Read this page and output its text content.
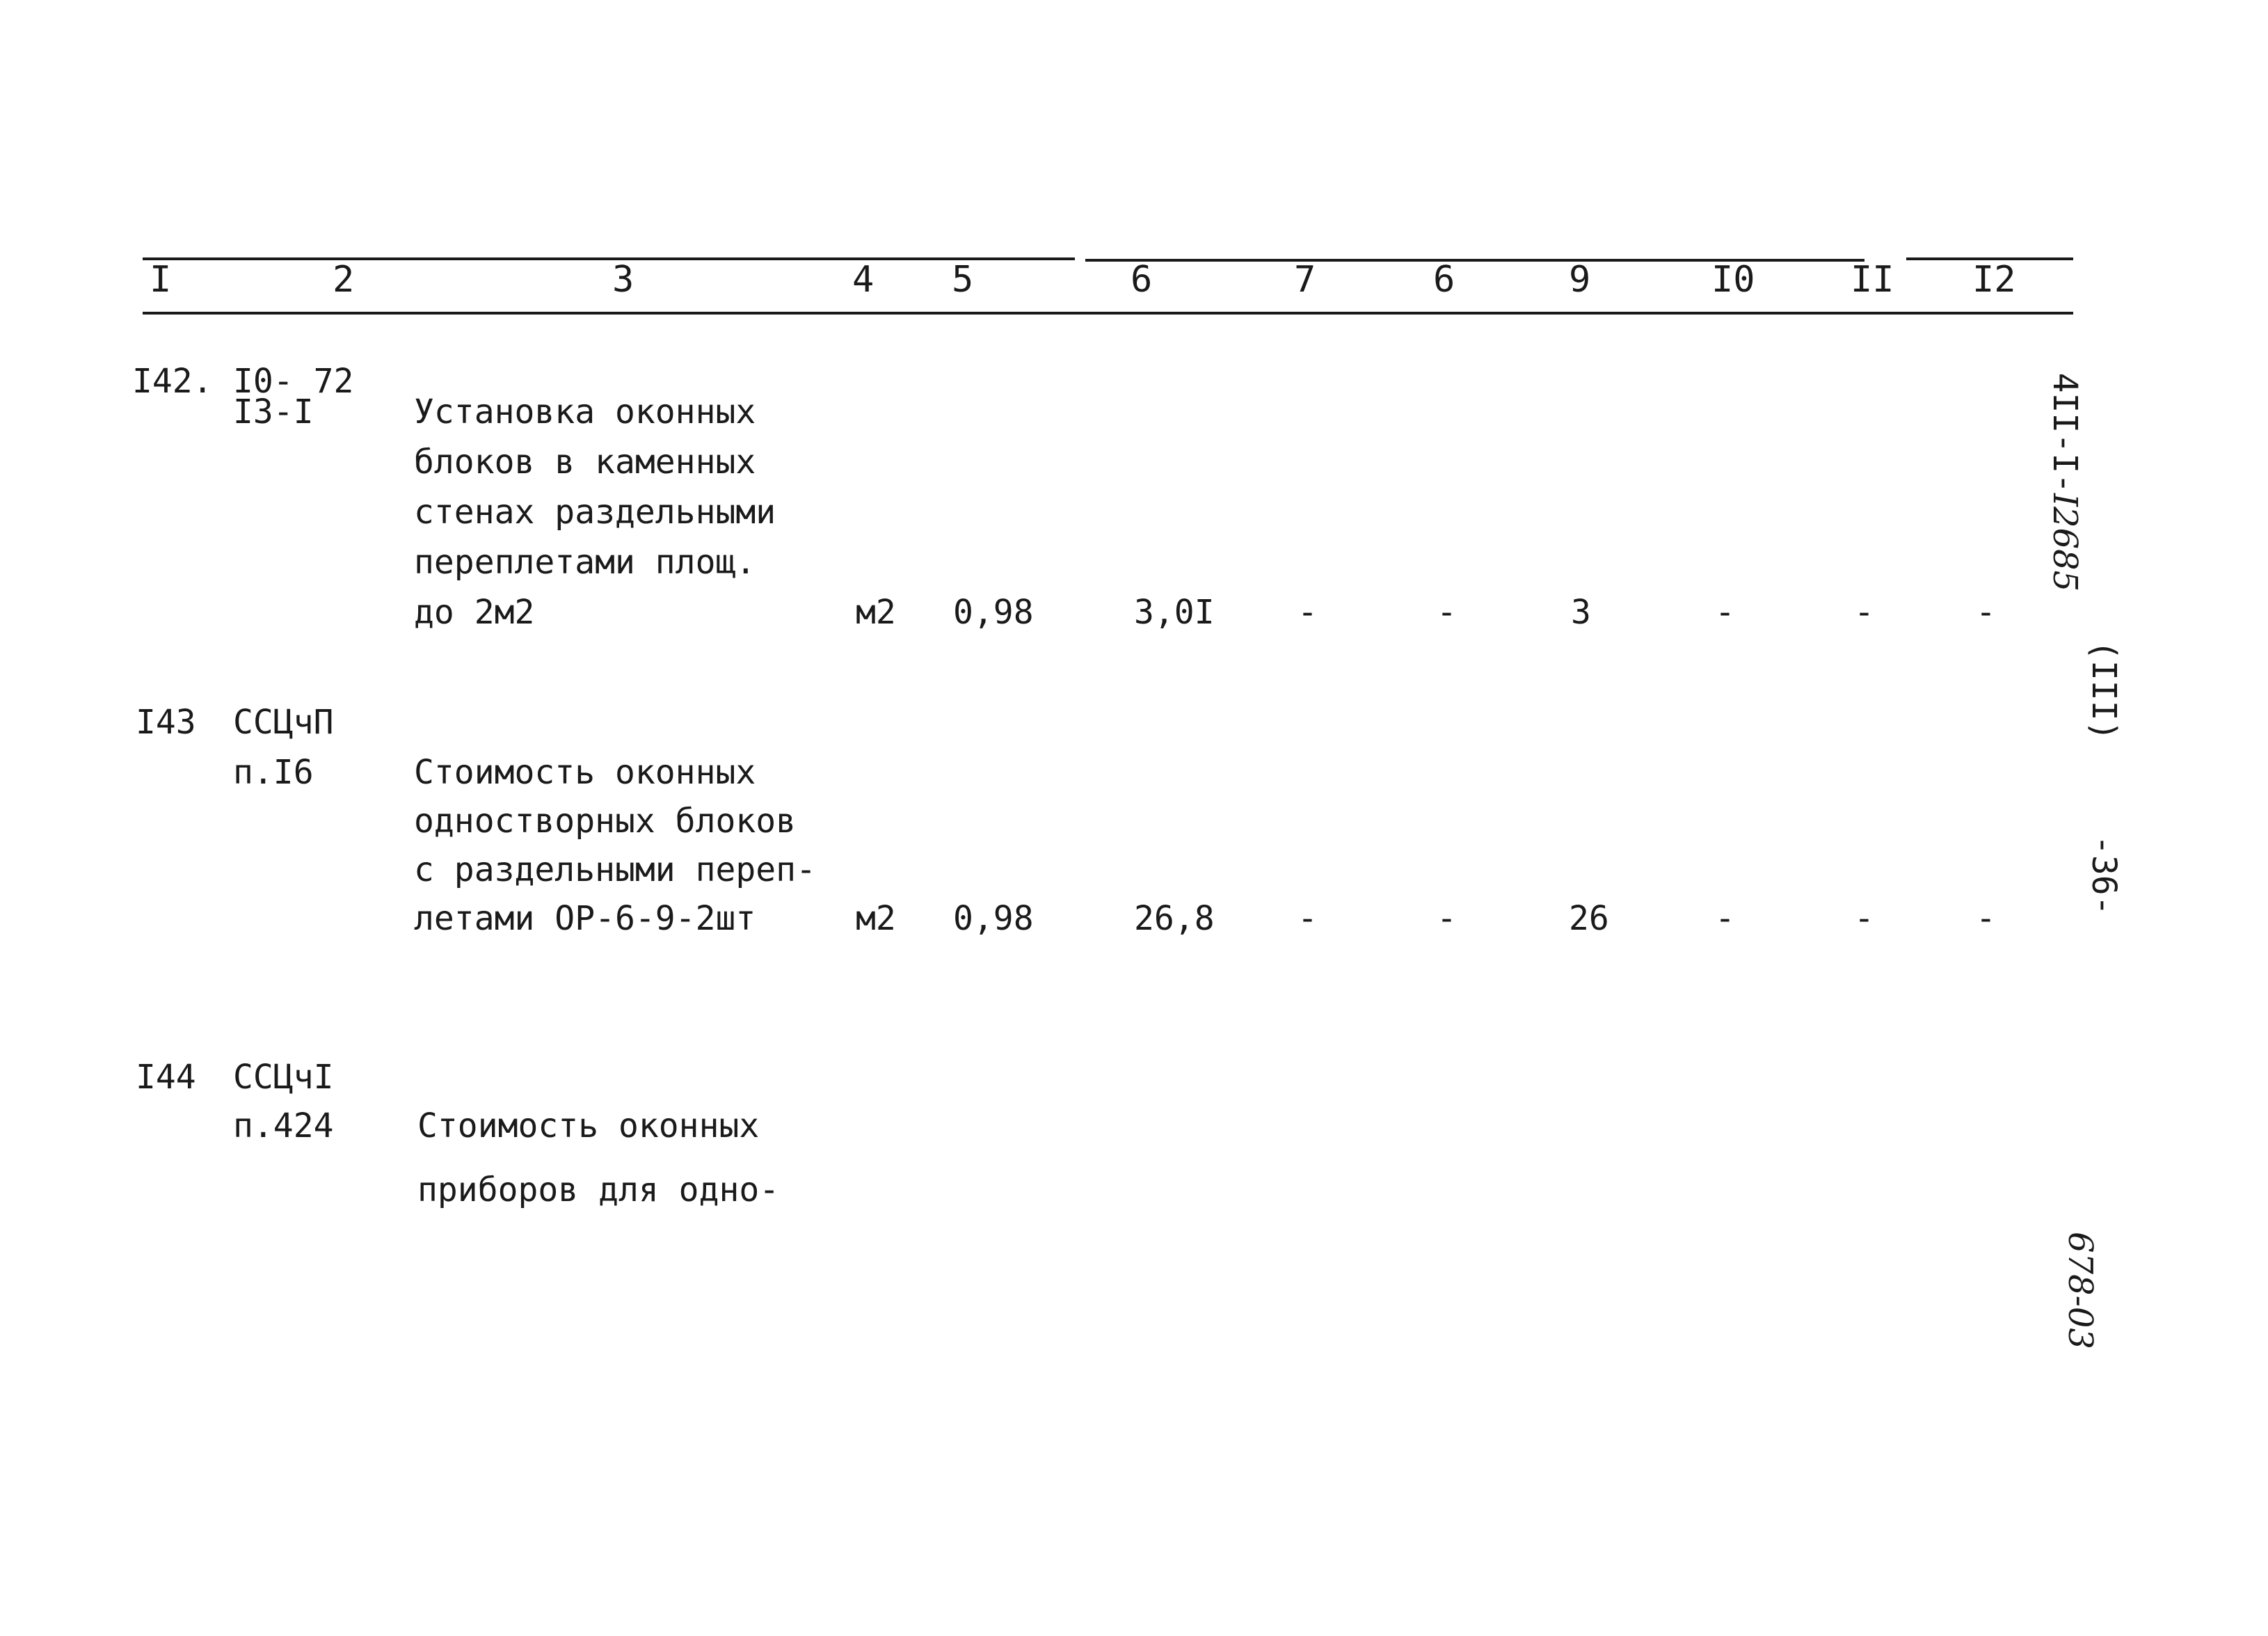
I	2	3	4 5	6	7	6	9	I0	II I2
I42. I0- 72
I3-I	Установка оконных
блоков в каменных
стенах раздельными
переплетами площ.
до 2м2	м2 0,98	3,0I -	-	3	-	-	-
I43 ССЦчП
п.I6	Стоимость оконных
одностворных блоков
с раздельными переп-
летами ОР-6-9-2шт	м2 0,98	26,8 -	-	26	-	-	-
I44 ССЦчI
п.424	Стоимость оконных
приборов для одно-

4II-I-I2685

(III)
-36-
678-03
